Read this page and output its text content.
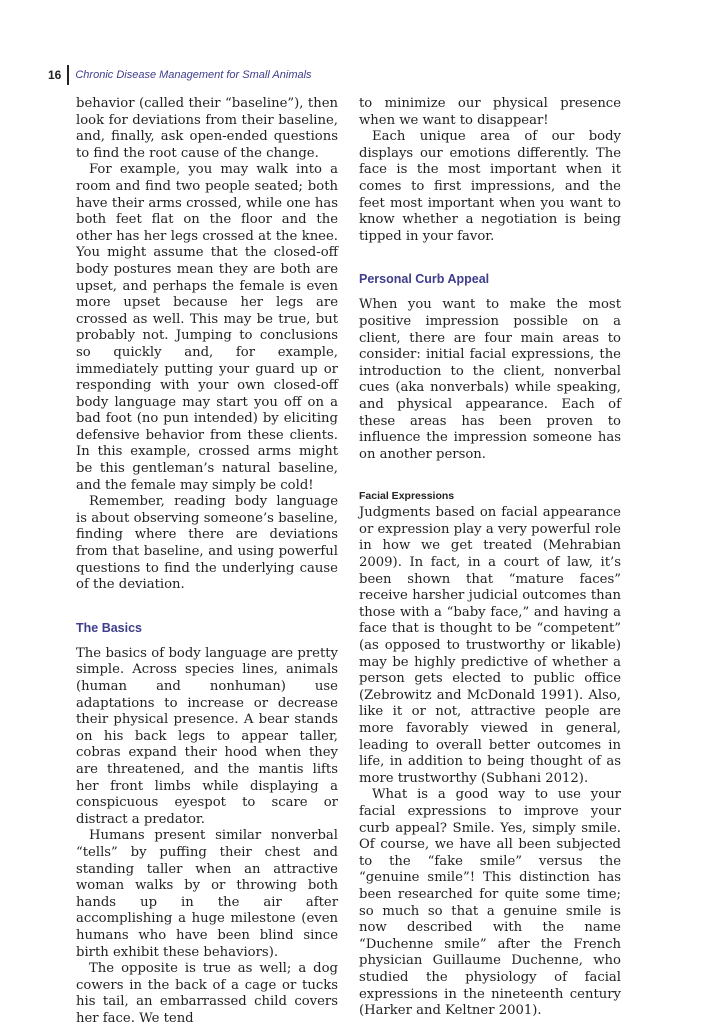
16 Chronic Disease Management for Small Animals

behavior (called their “baseline”), then look for deviations from their baseline, and, finally, ask open-ended questions to find the root cause of the change.

For example, you may walk into a room and find two people seated; both have their arms crossed, while one has both feet flat on the floor and the other has her legs crossed at the knee. You might assume that the closed-off body postures mean they are both are upset, and perhaps the female is even more upset because her legs are crossed as well. This may be true, but probably not. Jumping to conclusions so quickly and, for example, immediately putting your guard up or responding with your own closed-off body language may start you off on a bad foot (no pun intended) by eliciting defensive behavior from these clients. In this example, crossed arms might be this gentleman’s natural baseline, and the female may simply be cold!

Remember, reading body language is about observing someone’s baseline, finding where there are deviations from that baseline, and using powerful questions to find the underlying cause of the deviation.

The Basics

The basics of body language are pretty simple. Across species lines, animals (human and nonhuman) use adaptations to increase or decrease their physical presence. A bear stands on his back legs to appear taller, cobras expand their hood when they are threatened, and the mantis lifts her front limbs while displaying a conspicuous eyespot to scare or distract a predator.

Humans present similar nonverbal “tells” by puffing their chest and standing taller when an attractive woman walks by or throwing both hands up in the air after accomplishing a huge milestone (even humans who have been blind since birth exhibit these behaviors).

The opposite is true as well; a dog cowers in the back of a cage or tucks his tail, an embarrassed child covers her face. We tend

to minimize our physical presence when we want to disappear!

Each unique area of our body displays our emotions differently. The face is the most important when it comes to first impressions, and the feet most important when you want to know whether a negotiation is being tipped in your favor.

Personal Curb Appeal

When you want to make the most positive impression possible on a client, there are four main areas to consider: initial facial expressions, the introduction to the client, nonverbal cues (aka nonverbals) while speaking, and physical appearance. Each of these areas has been proven to influence the impression someone has on another person.

Facial Expressions

Judgments based on facial appearance or expression play a very powerful role in how we get treated (Mehrabian 2009). In fact, in a court of law, it’s been shown that “mature faces” receive harsher judicial outcomes than those with a “baby face,” and having a face that is thought to be “competent” (as opposed to trustworthy or likable) may be highly predictive of whether a person gets elected to public office (Zebrowitz and McDonald 1991). Also, like it or not, attractive people are more favorably viewed in general, leading to overall better outcomes in life, in addition to being thought of as more trustworthy (Subhani 2012).

What is a good way to use your facial expressions to improve your curb appeal? Smile. Yes, simply smile. Of course, we have all been subjected to the “fake smile” versus the “genuine smile”! This distinction has been researched for quite some time; so much so that a genuine smile is now described with the name “Duchenne smile” after the French physician Guillaume Duchenne, who studied the physiology of facial expressions in the nineteenth century (Harker and Keltner 2001).
